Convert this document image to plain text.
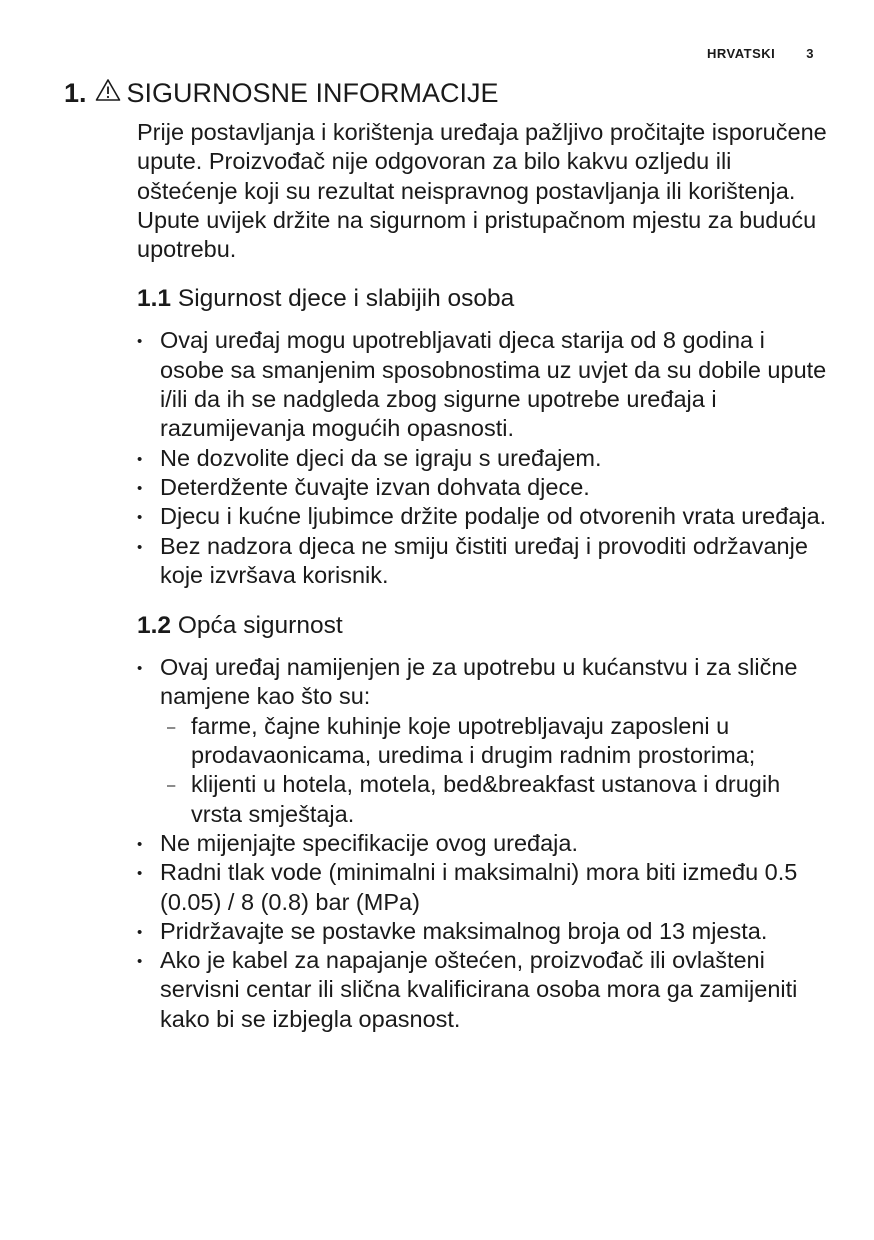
HRVATSKI 3
1. SIGURNOSNE INFORMACIJE

Prije postavljanja i korištenja uređaja pažljivo pročitajte isporučene upute. Proizvođač nije odgovoran za bilo kakvu ozljedu ili oštećenje koji su rezultat neispravnog postavljanja ili korištenja. Upute uvijek držite na sigurnom i pristupačnom mjestu za buduću upotrebu.

1.1 Sigurnost djece i slabijih osoba
• Ovaj uređaj mogu upotrebljavati djeca starija od 8 godina i osobe sa smanjenim sposobnostima uz uvjet da su dobile upute i/ili da ih se nadgleda zbog sigurne upotrebe uređaja i razumijevanja mogućih opasnosti.
• Ne dozvolite djeci da se igraju s uređajem.
• Deterdžente čuvajte izvan dohvata djece.
• Djecu i kućne ljubimce držite podalje od otvorenih vrata uređaja.
• Bez nadzora djeca ne smiju čistiti uređaj i provoditi održavanje koje izvršava korisnik.
1.2 Opća sigurnost
• Ovaj uređaj namijenjen je za upotrebu u kućanstvu i za slične namjene kao što su:
– farme, čajne kuhinje koje upotrebljavaju zaposleni u prodavaonicama, uredima i drugim radnim prostorima;
– klijenti u hotela, motela, bed&breakfast ustanova i drugih vrsta smještaja.
• Ne mijenjajte specifikacije ovog uređaja.
• Radni tlak vode (minimalni i maksimalni) mora biti između 0.5 (0.05) / 8 (0.8) bar (MPa)
• Pridržavajte se postavke maksimalnog broja od 13 mjesta.
• Ako je kabel za napajanje oštećen, proizvođač ili ovlašteni servisni centar ili slična kvalificirana osoba mora ga zamijeniti kako bi se izbjegla opasnost.
